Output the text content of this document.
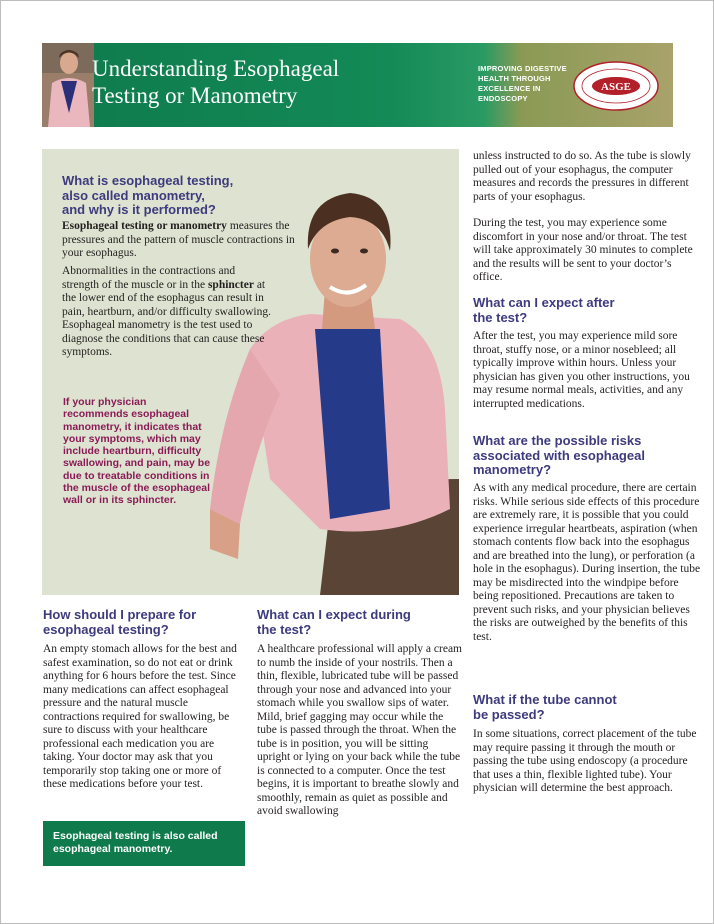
Understanding Esophageal
Testing or Manometry
IMPROVING DIGESTIVE
HEALTH THROUGH
EXCELLENCE IN
ENDOSCOPY
ASGE
What is esophageal testing,
also called manometry,
and why is it performed?

Esophageal testing or manometry measures the pressures and the pattern of muscle contractions in your esophagus.

Abnormalities in the contractions and strength of the muscle or in the sphincter at the lower end of the esophagus can result in pain, heartburn, and/or difficulty swallowing. Esophageal manometry is the test used to diagnose the conditions that can cause these symptoms.

If your physician recommends esophageal manometry, it indicates that your symptoms, which may include heartburn, difficulty swallowing, and pain, may be due to treatable conditions in the muscle of the esophageal wall or in its sphincter.

How should I prepare for
esophageal testing?

An empty stomach allows for the best and safest examination, so do not eat or drink anything for 6 hours before the test. Since many medications can affect esophageal pressure and the natural muscle contractions required for swallowing, be sure to discuss with your healthcare professional each medication you are taking. Your doctor may ask that you temporarily stop taking one or more of these medications before your test.

Esophageal testing is also called
esophageal manometry.
What can I expect during
the test?

A healthcare professional will apply a cream to numb the inside of your nostrils. Then a thin, flexible, lubricated tube will be passed through your nose and advanced into your stomach while you swallow sips of water. Mild, brief gagging may occur while the tube is passed through the throat. When the tube is in position, you will be sitting upright or lying on your back while the tube is connected to a computer. Once the test begins, it is important to breathe slowly and smoothly, remain as quiet as possible and avoid swallowing

unless instructed to do so. As the tube is slowly pulled out of your esophagus, the computer measures and records the pressures in different parts of your esophagus.

During the test, you may experience some discomfort in your nose and/or throat. The test will take approximately 30 minutes to complete and the results will be sent to your doctor’s office.

What can I expect after
the test?

After the test, you may experience mild sore throat, stuffy nose, or a minor nosebleed; all typically improve within hours. Unless your physician has given you other instructions, you may resume normal meals, activities, and any interrupted medications.

What are the possible risks
associated with esophageal
manometry?

As with any medical procedure, there are certain risks. While serious side effects of this procedure are extremely rare, it is possible that you could experience irregular heartbeats, aspiration (when stomach contents flow back into the esophagus and are breathed into the lung), or perforation (a hole in the esophagus). During insertion, the tube may be misdirected into the windpipe before being repositioned. Precautions are taken to prevent such risks, and your physician believes the risks are outweighed by the benefits of this test.

What if the tube cannot
be passed?

In some situations, correct placement of the tube may require passing it through the mouth or passing the tube using endoscopy (a procedure that uses a thin, flexible lighted tube). Your physician will determine the best approach.
